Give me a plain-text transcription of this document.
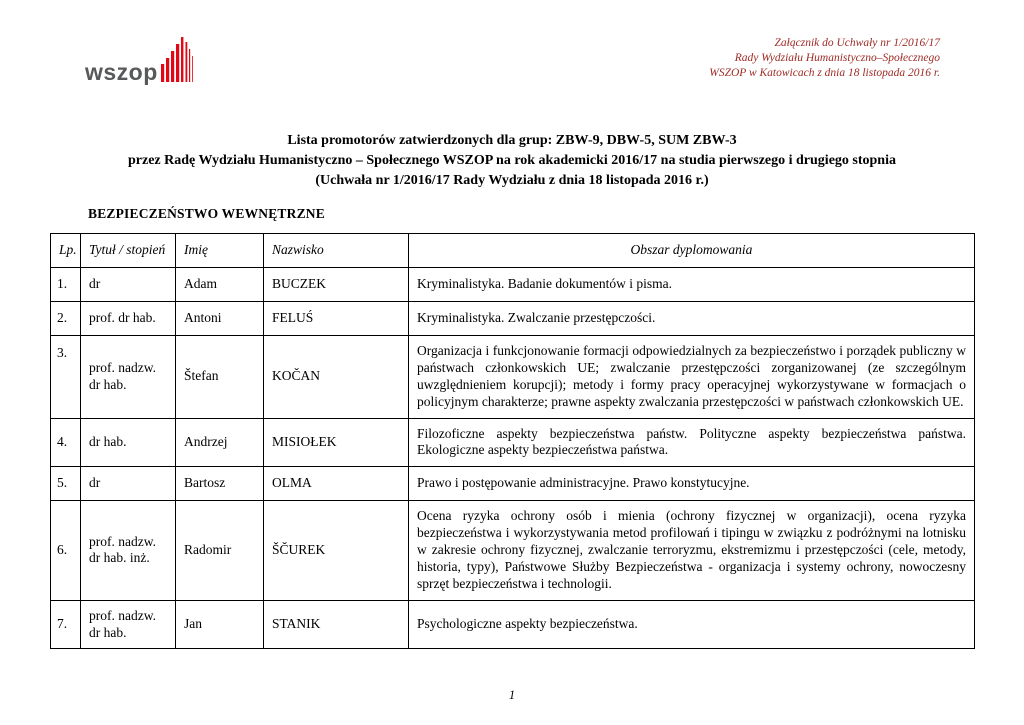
wszop
Załącznik do Uchwały nr 1/2016/17
Rady Wydziału Humanistyczno–Społecznego
WSZOP w Katowicach z dnia 18 listopada 2016 r.
Lista promotorów zatwierdzonych dla grup: ZBW-9, DBW-5, SUM ZBW-3
przez Radę Wydziału Humanistyczno – Społecznego WSZOP na rok akademicki 2016/17 na studia pierwszego i drugiego stopnia
(Uchwała nr 1/2016/17 Rady Wydziału z dnia 18 listopada 2016 r.)
BEZPIECZEŃSTWO WEWNĘTRZNE
Lp.	Tytuł / stopień	Imię	Nazwisko	Obszar dyplomowania
1.	dr	Adam	BUCZEK	Kryminalistyka. Badanie dokumentów i pisma.
2.	prof. dr hab.	Antoni	FELUŚ	Kryminalistyka. Zwalczanie przestępczości.
3.	prof. nadzw. dr hab.	Štefan	KOČAN	Organizacja i funkcjonowanie formacji odpowiedzialnych za bezpieczeństwo i porządek publiczny w państwach członkowskich UE; zwalczanie przestępczości zorganizowanej (ze szczególnym uwzględnieniem korupcji); metody i formy pracy operacyjnej wykorzystywane w formacjach o policyjnym charakterze; prawne aspekty zwalczania przestępczości w państwach członkowskich UE.
4.	dr hab.	Andrzej	MISIOŁEK	Filozoficzne aspekty bezpieczeństwa państw. Polityczne aspekty bezpieczeństwa państwa. Ekologiczne aspekty bezpieczeństwa państwa.
5.	dr	Bartosz	OLMA	Prawo i postępowanie administracyjne. Prawo konstytucyjne.
6.	prof. nadzw. dr hab. inż.	Radomir	ŠČUREK	Ocena ryzyka ochrony osób i mienia (ochrony fizycznej w organizacji), ocena ryzyka bezpieczeństwa i wykorzystywania metod profilowań i tipingu w związku z podróżnymi na lotnisku w zakresie ochrony fizycznej, zwalczanie terroryzmu, ekstremizmu i przestępczości (cele, metody, historia, typy), Państwowe Służby Bezpieczeństwa - organizacja i systemy ochrony, nowoczesny sprzęt bezpieczeństwa i technologii.
7.	prof. nadzw. dr hab.	Jan	STANIK	Psychologiczne aspekty bezpieczeństwa.
1
